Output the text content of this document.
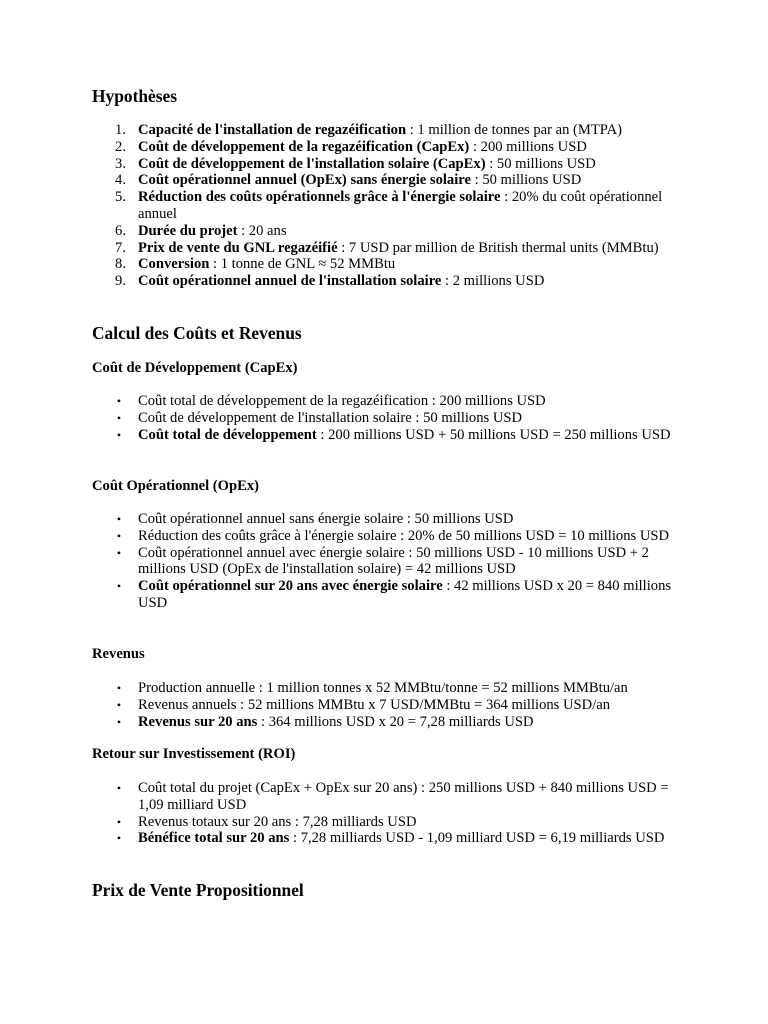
Hypothèses
1. Capacité de l'installation de regazéification : 1 million de tonnes par an (MTPA)
2. Coût de développement de la regazéification (CapEx) : 200 millions USD
3. Coût de développement de l'installation solaire (CapEx) : 50 millions USD
4. Coût opérationnel annuel (OpEx) sans énergie solaire : 50 millions USD
5. Réduction des coûts opérationnels grâce à l'énergie solaire : 20% du coût opérationnel annuel
6. Durée du projet : 20 ans
7. Prix de vente du GNL regazéifié : 7 USD par million de British thermal units (MMBtu)
8. Conversion : 1 tonne de GNL ≈ 52 MMBtu
9. Coût opérationnel annuel de l'installation solaire : 2 millions USD
Calcul des Coûts et Revenus
Coût de Développement (CapEx)
•	Coût total de développement de la regazéification : 200 millions USD
•	Coût de développement de l'installation solaire : 50 millions USD
•	Coût total de développement : 200 millions USD + 50 millions USD = 250 millions USD
Coût Opérationnel (OpEx)
•	Coût opérationnel annuel sans énergie solaire : 50 millions USD
•	Réduction des coûts grâce à l'énergie solaire : 20% de 50 millions USD = 10 millions USD
•	Coût opérationnel annuel avec énergie solaire : 50 millions USD - 10 millions USD + 2 millions USD (OpEx de l'installation solaire) = 42 millions USD
•	Coût opérationnel sur 20 ans avec énergie solaire : 42 millions USD x 20 = 840 millions USD
Revenus
•	Production annuelle : 1 million tonnes x 52 MMBtu/tonne = 52 millions MMBtu/an
•	Revenus annuels : 52 millions MMBtu x 7 USD/MMBtu = 364 millions USD/an
•	Revenus sur 20 ans : 364 millions USD x 20 = 7,28 milliards USD
Retour sur Investissement (ROI)
•	Coût total du projet (CapEx + OpEx sur 20 ans) : 250 millions USD + 840 millions USD = 1,09 milliard USD
•	Revenus totaux sur 20 ans : 7,28 milliards USD
•	Bénéfice total sur 20 ans : 7,28 milliards USD - 1,09 milliard USD = 6,19 milliards USD
Prix de Vente Propositionnel
